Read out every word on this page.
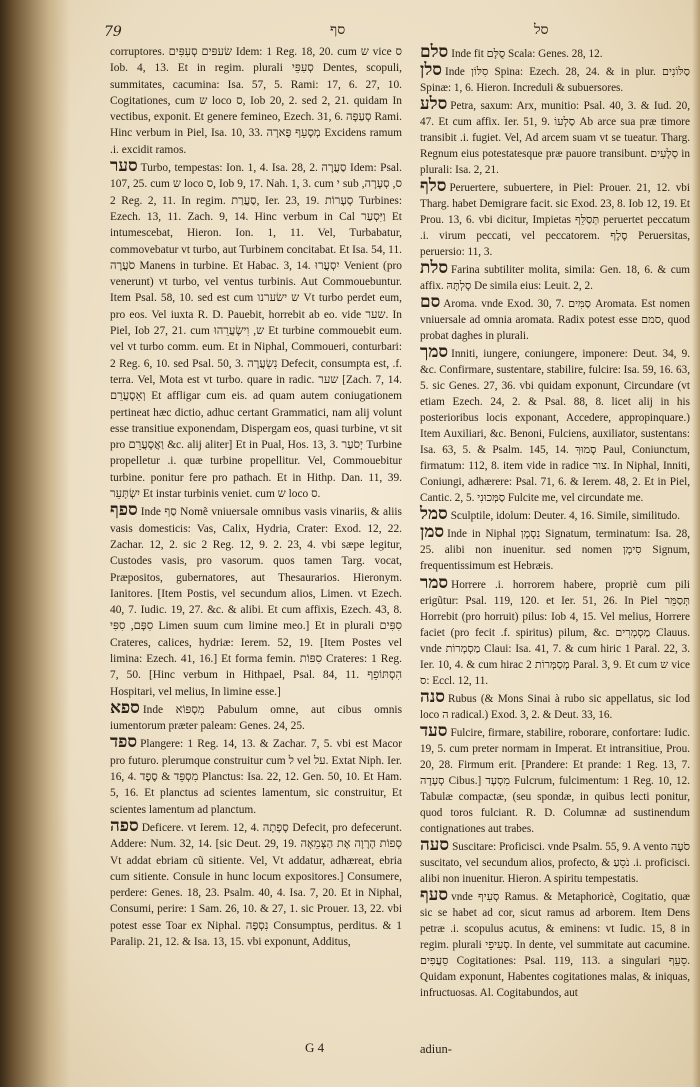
79	סף	סל

corruptores. שׂעפּים סְעִפִּים Idem: 1 Reg. 18, 20. cum ש vice ס Iob. 4, 13. Et in regim. plurali סְעִפֵּי Dentes, scopuli, summitates, cacumina: Isa. 57, 5. Rami: 17, 6. 27, 10. Cogitationes, cum ש loco ס, Iob 20, 2. sed 2, 21. quidam In vectibus, exponit. Et genere femineo, Ezech. 31, 6. סְעַפָּה Rami. Hinc verbum in Piel, Isa. 10, 33. מְסָעֵף פֻּארָה Excidens ramum .i. excidit ramos.

סער Turbo, tempestas: Ion. 1, 4. Isa. 28, 2. סַעֲרָה Idem: Psal. 107, 25. cum ש loco ס, Iob 9, 17. Nah. 1, 3. cum י sub ס, סְעָרָה, 2 Reg. 2, 11. In regim. סַעֲרַת, Ier. 23, 19. סְעָרוֹת Turbines: Ezech. 13, 11. Zach. 9, 14. Hinc verbum in Cal וַיִּסְעַר Et intumescebat, Hieron. Ion. 1, 11. Vel, Turbabatur, commovebatur vt turbo, aut Turbinem concitabat. Et Isa. 54, 11. סֹעֲרָה Manens in turbine. Et Habac. 3, 14. יִסְעֲרוּ Venient (pro venerunt) vt turbo, vel ventus turbinis. Aut Commouebuntur. Item Psal. 58, 10. sed est cum ש ישׂערנו Vt turbo perdet eum, pro eos. Vel iuxta R. D. Pauebit, horrebit ab eo. vide שער. In Piel, Iob 27, 21. cum ש, וִישָׂעֲרֵהוּ Et turbine commouebit eum. vel vt turbo comm. eum. Et in Niphal, Commoueri, conturbari: 2 Reg. 6, 10. sed Psal. 50, 3. נִשְׂעֲרָה Defecit, consumpta est, .f. terra. Vel, Mota est vt turbo. quare in radic. שער [Zach. 7, 14. וְאֵסָעֲרֵם Et affligar cum eis. ad quam autem coniugationem pertineat hæc dictio, adhuc certant Grammatici, nam alij volunt esse transitiue exponendam, Dispergam eos, quasi turbine, vt sit pro וַאֲסָעֲרֵם &c. alij aliter] Et in Pual, Hos. 13, 3. יְסֹעַר Turbine propelletur .i. quæ turbine propellitur. Vel, Commouebitur turbine. ponitur fere pro pathach. Et in Hithp. Dan. 11, 39. יִשְׂתָּעֵר Et instar turbinis veniet. cum ש loco ס.

ספף Inde סַף Nomẽ vniuersale omnibus vasis vinariis, & aliis vasis domesticis: Vas, Calix, Hydria, Crater: Exod. 12, 22. Zachar. 12, 2. sic 2 Reg. 12, 9. 2. 23, 4. vbi sæpe legitur, Custodes vasis, pro vasorum. quos tamen Targ. vocat, Præpositos, gubernatores, aut Thesaurarios. Hieronym. Ianitores. [Item Postis, vel secundum alios, Limen. vt Ezech. 40, 7. Iudic. 19, 27. &c. & alibi. Et cum affixis, Ezech. 43, 8. סִפָּם, סִפִּי Limen suum cum limine meo.] Et in plurali סִפִּים Crateres, calices, hydriæ: Ierem. 52, 19. [Item Postes vel limina: Ezech. 41, 16.] Et forma femin. סִפּוֹת Crateres: 1 Reg. 7, 50. [Hinc verbum in Hithpael, Psal. 84, 11. הִסְתּוֹפֵף Hospitari, vel melius, In limine esse.]

ספא Inde מִסְפּוֹא Pabulum omne, aut cibus omnis iumentorum præter paleam: Genes. 24, 25.

ספד Plangere: 1 Reg. 14, 13. & Zachar. 7, 5. vbi est Macor pro futuro. plerumque construitur cum ל vel על. Extat Niph. Ier. 16, 4. מִסְפֵּד & סֶפֶד Planctus: Isa. 22, 12. Gen. 50, 10. Et Ham. 5, 16. Et planctus ad scientes lamentum, sic construitur, Et scientes lamentum ad planctum.

ספה Deficere. vt Ierem. 12, 4. סָפְתָה Defecit, pro defecerunt. Addere: Num. 32, 14. [sic Deut. 29, 19. סְפוֹת הָרָוָה אֶת הַצְּמֵאָה Vt addat ebriam cũ sitiente. Vel, Vt addatur, adhæreat, ebria cum sitiente. Consule in hunc locum expositores.] Consumere, perdere: Genes. 18, 23. Psalm. 40, 4. Isa. 7, 20. Et in Niphal, Consumi, perire: 1 Sam. 26, 10. & 27, 1. sic Prouer. 13, 22. vbi potest esse Toar ex Niphal. נִסְפֶּה Consumptus, perditus. & 1 Paralip. 21, 12. & Isa. 13, 15. vbi exponunt, Additus,

סלם Inde fit סֻלָּם Scala: Genes. 28, 12.

סלן Inde סִלּוֹן Spina: Ezech. 28, 24. & in plur. סַלּוֹנִים Spinæ: 1, 6. Hieron. Increduli & subuersores.

סלע Petra, saxum: Arx, munitio: Psal. 40, 3. & Iud. 20, 47. Et cum affix. Ier. 51, 9. סַלְעוֹ Ab arce sua præ timore transibit .i. fugiet. Vel, Ad arcem suam vt se tueatur. Tharg. Regnum eius potestatesque præ pauore transibunt. סְלָעִים in plurali: Isa. 2, 21.

סלף Peruertere, subuertere, in Piel: Prouer. 21, 12. vbi Tharg. habet Demigrare facit. sic Exod. 23, 8. Iob 12, 19. Et Prou. 13, 6. vbi dicitur, Impietas תְּסַלֵּף peruertet peccatum .i. virum peccati, vel peccatorem. סֶלֶף Peruersitas, peruersio: 11, 3.

סלת Farina subtiliter molita, simila: Gen. 18, 6. & cum affix. סָלְתָּהּ De simila eius: Leuit. 2, 2.

סם Aroma. vnde Exod. 30, 7. סַמִּים Aromata. Est nomen vniuersale ad omnia aromata. Radix potest esse סמם, quod probat daghes in plurali.

סמך Inniti, iungere, coniungere, imponere: Deut. 34, 9. &c. Confirmare, sustentare, stabilire, fulcire: Isa. 59, 16. 63, 5. sic Genes. 27, 36. vbi quidam exponunt, Circundare (vt etiam Ezech. 24, 2. & Psal. 88, 8. licet alij in his posterioribus locis exponant, Accedere, appropinquare.) Item Auxiliari, &c. Benoni, Fulciens, auxiliator, sustentans: Isa. 63, 5. & Psalm. 145, 14. סָמוּךְ Paul, Coniunctum, firmatum: 112, 8. item vide in radice צור. In Niphal, Inniti, Coniungi, adhærere: Psal. 71, 6. & Ierem. 48, 2. Et in Piel, Cantic. 2, 5. סַמְּכוּנִי Fulcite me, vel circundate me.

סמל Sculptile, idolum: Deuter. 4, 16. Simile, similitudo.

סמן Inde in Niphal נִסְמָן Signatum, terminatum: Isa. 28, 25. alibi non inuenitur. sed nomen סִימָן Signum, frequentissimum est Hebræis.

סמר Horrere .i. horrorem habere, propriè cum pili erigũtur: Psal. 119, 120. et Ier. 51, 26. In Piel תְּסַמֵּר Horrebit (pro horruit) pilus: Iob 4, 15. Vel melius, Horrere faciet (pro fecit .f. spiritus) pilum, &c. מַסְמְרִים Clauus. vnde מַסְמְרוֹת Claui: Isa. 41, 7. & cum hiric 1 Paral. 22, 3. Ier. 10, 4. & cum hirac מְסַמְּרוֹת 2 Paral. 3, 9. Et cum ש vice ס: Eccl. 12, 11.

סנה Rubus (& Mons Sinai à rubo sic appellatus, sic Iod loco ה radical.) Exod. 3, 2. & Deut. 33, 16.

סעד Fulcire, firmare, stabilire, roborare, confortare: Iudic. 19, 5. cum preter normam in Imperat. Et intransitiue, Prou. 20, 28. Firmum erit. [Prandere: Et prande: 1 Reg. 13, 7. סְעָדָה Cibus.] מִסְעָד Fulcrum, fulcimentum: 1 Reg. 10, 12. Tabulæ compactæ, (seu spondæ, in quibus lecti ponitur, quod toros fulciant. R. D. Columnæ ad sustinendum contignationes aut trabes.

סעה Suscitare: Proficisci. vnde Psalm. 55, 9. A vento סֹעָה suscitato, vel secundum alios, profecto, & נֹסֵעַ .i. proficisci. alibi non inuenitur. Hieron. A spiritu tempestatis.

סעף vnde סְעִיף Ramus. & Metaphoricè, Cogitatio, quæ sic se habet ad cor, sicut ramus ad arborem. Item Dens petræ .i. scopulus acutus, & eminens: vt Iudic. 15, 8 in regim. plurali סְעִיפֵי. In dente, vel summitate aut cacumine. סֵעֲפִים Cogitationes: Psal. 119, 113. a singulari סֵעֵף. Quidam exponunt, Habentes cogitationes malas, & iniquas, infructuosas. Al. Cogitabundos, aut

G 4	adiun-
